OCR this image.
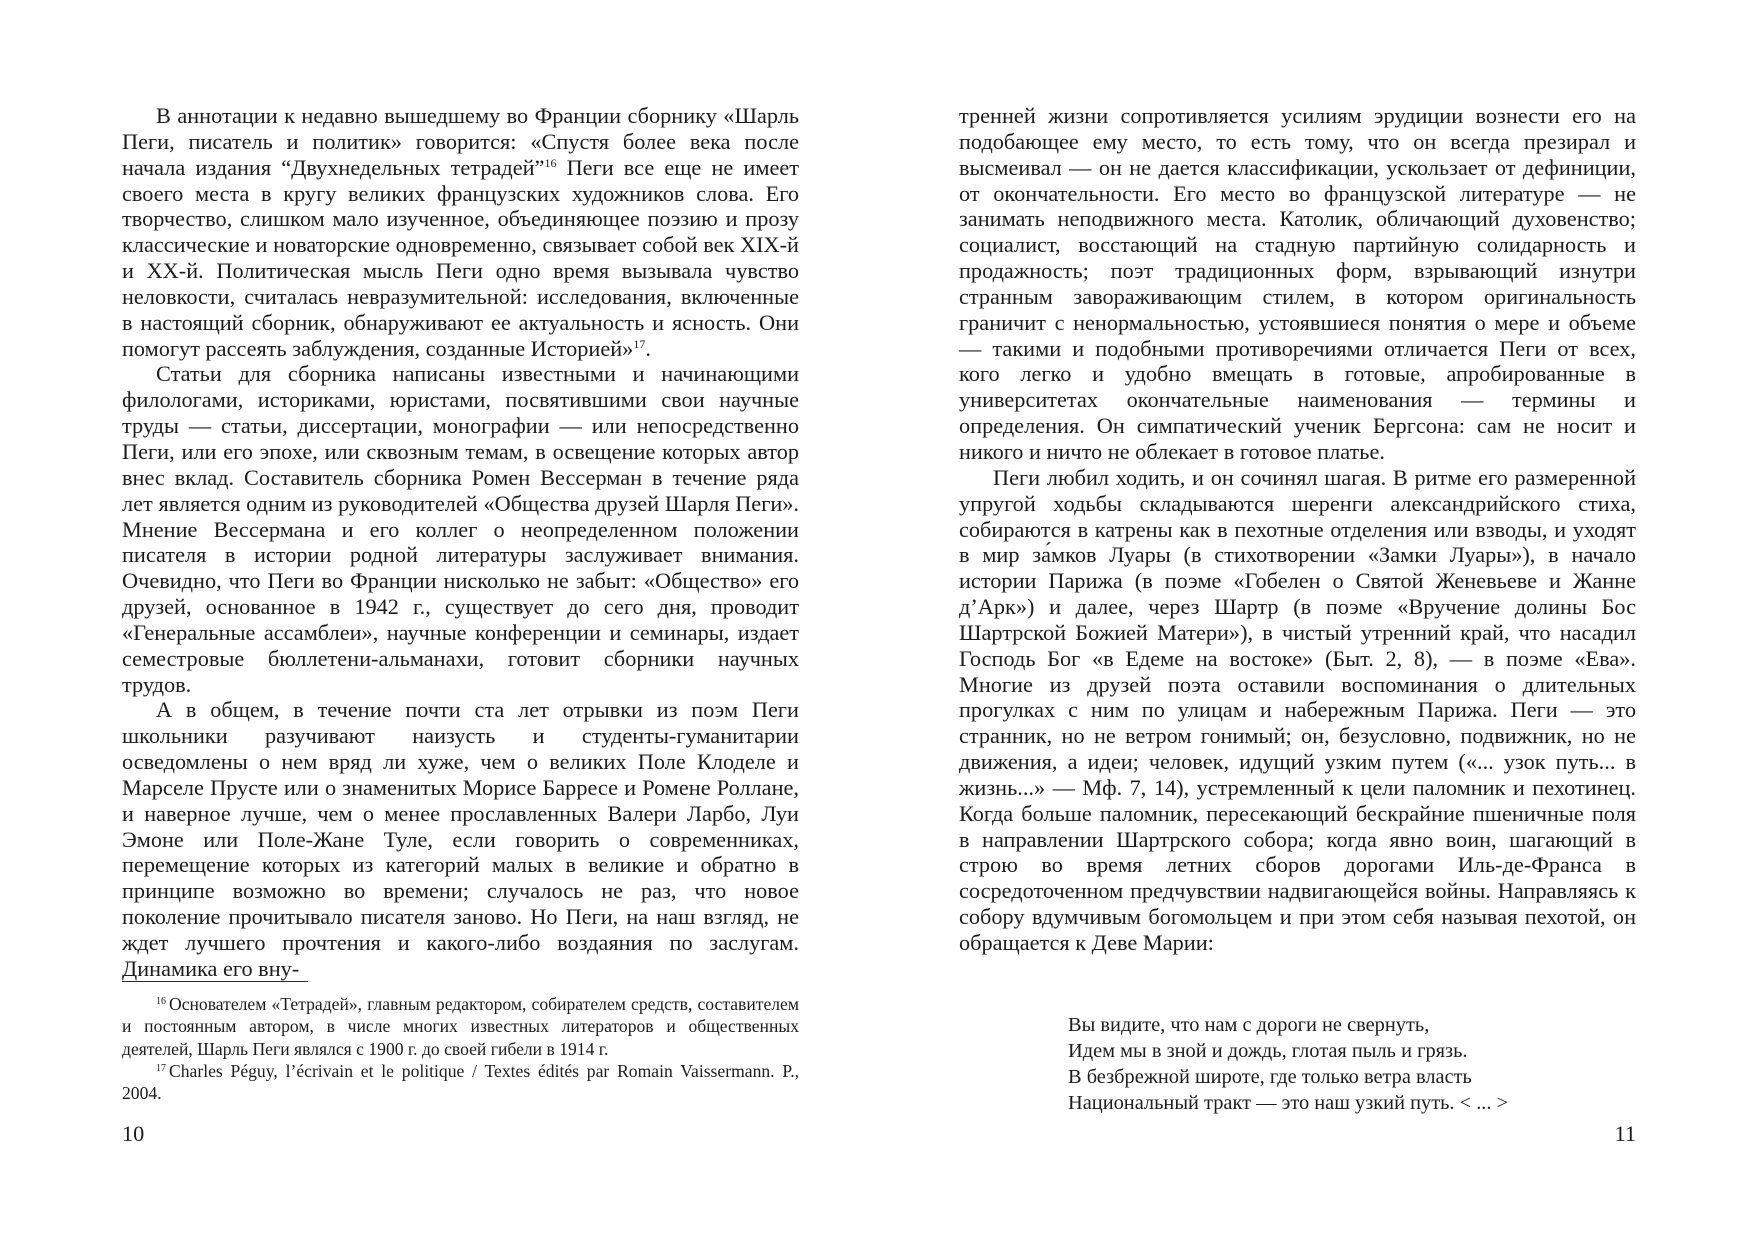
В аннотации к недавно вышедшему во Франции сборнику «Шарль Пеги, писатель и политик» говорится: «Спустя более века после начала издания “Двухнедельных тетрадей”$^{16}$ Пеги все еще не имеет своего места в кругу великих французских художников слова. Его творчество, слишком мало изученное, объединяющее поэзию и прозу классические и новаторские одновременно, связывает собой век XIX-й и XX-й. Политическая мысль Пеги одно время вызывала чувство неловкости, считалась невразумительной: исследования, включенные в настоящий сборник, обнаруживают ее актуальность и ясность. Они помогут рассеять заблуждения, созданные Историей»$^{17}$.

Статьи для сборника написаны известными и начинающими филологами, историками, юристами, посвятившими свои научные труды — статьи, диссертации, монографии — или непосредственно Пеги, или его эпохе, или сквозным темам, в освещение которых автор внес вклад. Составитель сборника Ромен Вессерман в течение ряда лет является одним из руководителей «Общества друзей Шарля Пеги». Мнение Вессермана и его коллег о неопределенном положении писателя в истории родной литературы заслуживает внимания. Очевидно, что Пеги во Франции нисколько не забыт: «Общество» его друзей, основанное в 1942 г., существует до сего дня, проводит «Генеральные ассамблеи», научные конференции и семинары, издает семестровые бюллетени-альманахи, готовит сборники научных трудов.

А в общем, в течение почти ста лет отрывки из поэм Пеги школьники разучивают наизусть и студенты-гуманитарии осведомлены о нем вряд ли хуже, чем о великих Поле Клоделе и Марселе Прусте или о знаменитых Морисе Барресе и Ромене Роллане, и наверное лучше, чем о менее прославленных Валери Ларбо, Луи Эмоне или Поле-Жане Туле, если говорить о современниках, перемещение которых из категорий малых в великие и обратно в принципе возможно во времени; случалось не раз, что новое поколение прочитывало писателя заново. Но Пеги, на наш взгляд, не ждет лучшего прочтения и какого-либо воздаяния по заслугам. Динамика его вну-

$^{16}$ Основателем «Тетрадей», главным редактором, собирателем средств, составителем и постоянным автором, в числе многих известных литераторов и общественных деятелей, Шарль Пеги являлся с 1900 г. до своей гибели в 1914 г.

$^{17}$ Charles Péguy, l’écrivain et le politique / Textes édités par Romain Vaissermann. P., 2004.

10

тренней жизни сопротивляется усилиям эрудиции вознести его на подобающее ему место, то есть тому, что он всегда презирал и высмеивал — он не дается классификации, ускользает от дефиниции, от окончательности. Его место во французской литературе — не занимать неподвижного места. Католик, обличающий духовенство; социалист, восстающий на стадную партийную солидарность и продажность; поэт традиционных форм, взрывающий изнутри странным завораживающим стилем, в котором оригинальность граничит с ненормальностью, устоявшиеся понятия о мере и объеме — такими и подобными противоречиями отличается Пеги от всех, кого легко и удобно вмещать в готовые, апробированные в университетах окончательные наименования — термины и определения. Он симпатический ученик Бергсона: сам не носит и никого и ничто не облекает в готовое платье.

Пеги любил ходить, и он сочинял шагая. В ритме его размеренной упругой ходьбы складываются шеренги александрийского стиха, собираются в катрены как в пехотные отделения или взводы, и уходят в мир за́мков Луары (в стихотворении «Замки Луары»), в начало истории Парижа (в поэме «Гобелен о Святой Женевьеве и Жанне д’Арк») и далее, через Шартр (в поэме «Вручение долины Бос Шартрской Божией Матери»), в чистый утренний край, что насадил Господь Бог «в Едеме на востоке» (Быт. 2, 8), — в поэме «Ева». Многие из друзей поэта оставили воспоминания о длительных прогулках с ним по улицам и набережным Парижа. Пеги — это странник, но не ветром гонимый; он, безусловно, подвижник, но не движения, а идеи; человек, идущий узким путем («... узок путь... в жизнь...» — Мф. 7, 14), устремленный к цели паломник и пехотинец. Когда больше паломник, пересекающий бескрайние пшеничные поля в направлении Шартрского собора; когда явно воин, шагающий в строю во время летних сборов дорогами Иль-де-Франса в сосредоточенном предчувствии надвигающейся войны. Направляясь к собору вдумчивым богомольцем и при этом себя называя пехотой, он обращается к Деве Марии:

Вы видите, что нам с дороги не свернуть,
Идем мы в зной и дождь, глотая пыль и грязь.
В безбрежной широте, где только ветра власть
Национальный тракт — это наш узкий путь. < ... >
11
